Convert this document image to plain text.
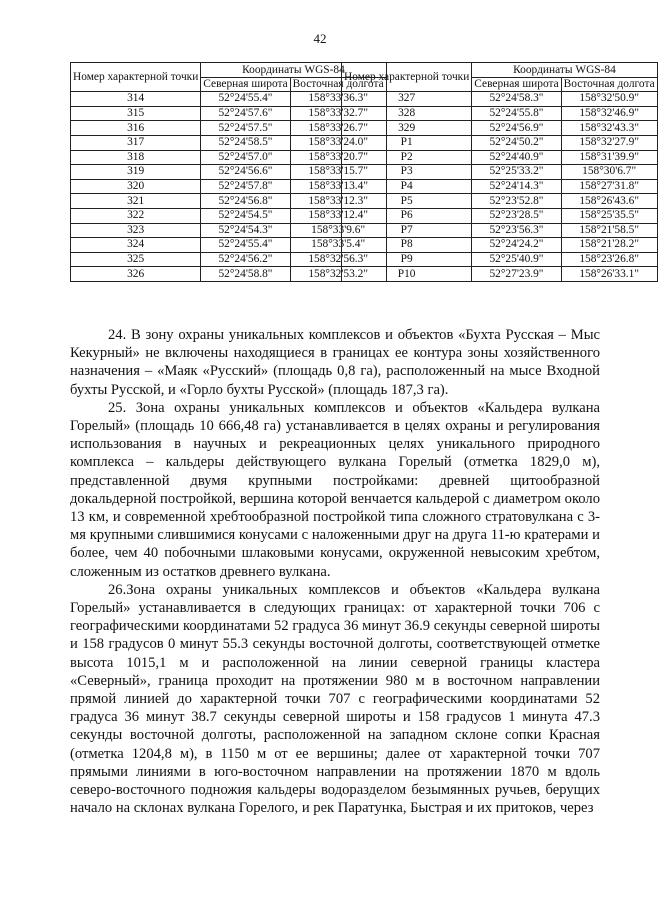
42
Номер характерной точки	Координаты WGS-84	
	Северная широта	Восточная долгота
314	52°24'55.4"	158°33'36.3"
315	52°24'57.6"	158°33'32.7"
316	52°24'57.5"	158°33'26.7"
317	52°24'58.5"	158°33'24.0"
318	52°24'57.0"	158°33'20.7"
319	52°24'56.6"	158°33'15.7"
320	52°24'57.8"	158°33'13.4"
321	52°24'56.8"	158°33'12.3"
322	52°24'54.5"	158°33'12.4"
323	52°24'54.3"	158°33'9.6"
324	52°24'55.4"	158°33'5.4"
325	52°24'56.2"	158°32'56.3"
326	52°24'58.8"	158°32'53.2"
Номер характерной точки	Координаты WGS-84	
	Северная широта	Восточная долгота
327	52°24'58.3"	158°32'50.9"
328	52°24'55.8"	158°32'46.9"
329	52°24'56.9"	158°32'43.3"
P1	52°24'50.2"	158°32'27.9"
P2	52°24'40.9"	158°31'39.9"
P3	52°25'33.2"	158°30'6.7"
P4	52°24'14.3"	158°27'31.8"
P5	52°23'52.8"	158°26'43.6"
P6	52°23'28.5"	158°25'35.5"
P7	52°23'56.3"	158°21'58.5"
P8	52°24'24.2"	158°21'28.2"
P9	52°25'40.9"	158°23'26.8"
P10	52°27'23.9"	158°26'33.1"

24. В зону охраны уникальных комплексов и объектов «Бухта Русская – Мыс Кекурный» не включены находящиеся в границах ее контура зоны хозяйственного назначения – «Маяк «Русский» (площадь 0,8 га), расположенный на мысе Входной бухты Русской, и «Горло бухты Русской» (площадь 187,3 га).

25. Зона охраны уникальных комплексов и объектов «Кальдера вулкана Горелый» (площадь 10 666,48 га) устанавливается в целях охраны и регулирования использования в научных и рекреационных целях уникального природного комплекса – кальдеры действующего вулкана Горелый (отметка 1829,0 м), представленной двумя крупными постройками: древней щитообразной докальдерной постройкой, вершина которой венчается кальдерой с диаметром около 13 км, и современной хребтообразной постройкой типа сложного стратовулкана с 3-мя крупными слившимися конусами с наложенными друг на друга 11-ю кратерами и более, чем 40 побочными шлаковыми конусами, окруженной невысоким хребтом, сложенным из остатков древнего вулкана.

26.Зона охраны уникальных комплексов и объектов «Кальдера вулкана Горелый» устанавливается в следующих границах: от характерной точки 706 с географическими координатами 52 градуса 36 минут 36.9 секунды северной широты и 158 градусов 0 минут 55.3 секунды восточной долготы, соответствующей отметке высота 1015,1 м и расположенной на линии северной границы кластера «Северный», граница проходит на протяжении 980 м в восточном направлении прямой линией до характерной точки 707 с географическими координатами 52 градуса 36 минут 38.7 секунды северной широты и 158 градусов 1 минута 47.3 секунды восточной долготы, расположенной на западном склоне сопки Красная (отметка 1204,8 м), в 1150 м от ее вершины; далее от характерной точки 707 прямыми линиями в юго-восточном направлении на протяжении 1870 м вдоль северо-восточного подножия кальдеры водоразделом безымянных ручьев, берущих начало на склонах вулкана Горелого, и рек Паратунка, Быстрая и их притоков, через
